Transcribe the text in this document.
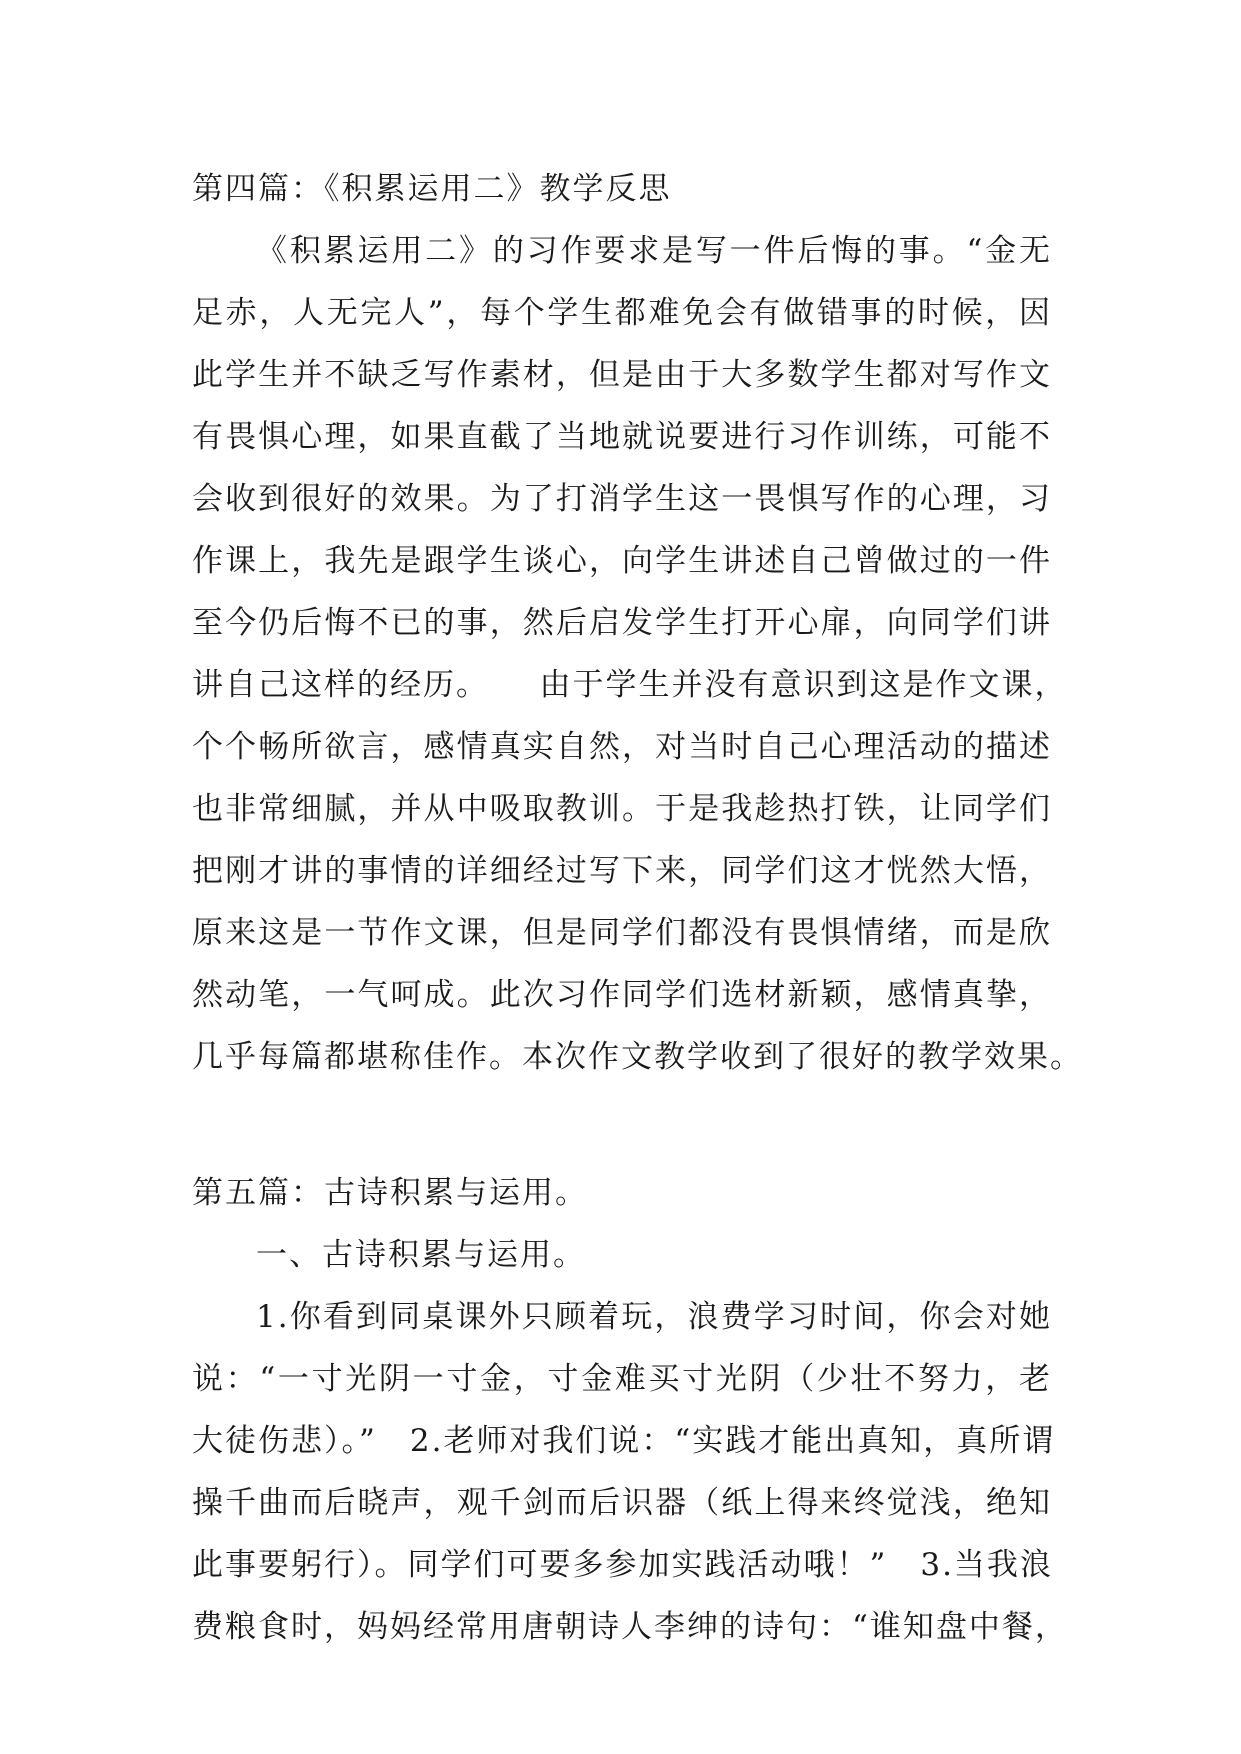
第四篇：《积累运用二》教学反思
《积累运用二》的习作要求是写一件后悔的事。“金无
足赤，人无完人”，每个学生都难免会有做错事的时候，因
此学生并不缺乏写作素材，但是由于大多数学生都对写作文
有畏惧心理，如果直截了当地就说要进行习作训练，可能不
会收到很好的效果。为了打消学生这一畏惧写作的心理，习
作课上，我先是跟学生谈心，向学生讲述自己曾做过的一件
至今仍后悔不已的事，然后启发学生打开心扉，向同学们讲
讲自己这样的经历。　　由于学生并没有意识到这是作文课，
个个畅所欲言，感情真实自然，对当时自己心理活动的描述
也非常细腻，并从中吸取教训。于是我趁热打铁，让同学们
把刚才讲的事情的详细经过写下来，同学们这才恍然大悟，
原来这是一节作文课，但是同学们都没有畏惧情绪，而是欣
然动笔，一气呵成。此次习作同学们选材新颖，感情真挚，
几乎每篇都堪称佳作。本次作文教学收到了很好的教学效果。
第五篇：古诗积累与运用。
一、古诗积累与运用。
1.你看到同桌课外只顾着玩，浪费学习时间，你会对她
说：“一寸光阴一寸金，寸金难买寸光阴（少壮不努力，老
大徒伤悲）。”　2.老师对我们说：“实践才能出真知，真所谓
操千曲而后晓声，观千剑而后识器（纸上得来终觉浅，绝知
此事要躬行）。同学们可要多参加实践活动哦！”　3.当我浪
费粮食时，妈妈经常用唐朝诗人李绅的诗句：“谁知盘中餐，
